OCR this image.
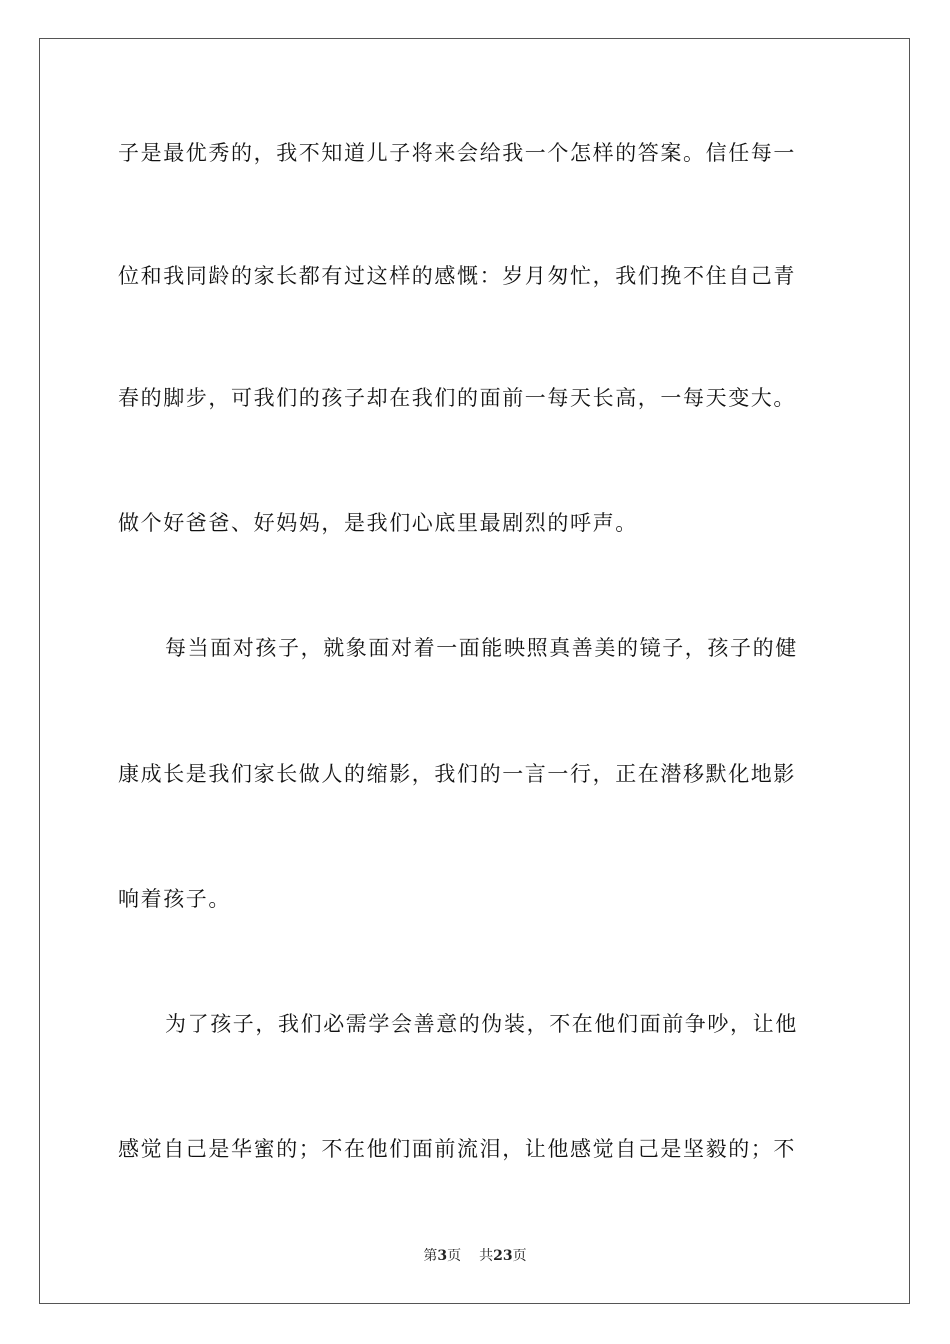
子是最优秀的，我不知道儿子将来会给我一个怎样的答案。信任每一
位和我同龄的家长都有过这样的感慨：岁月匆忙，我们挽不住自己青
春的脚步，可我们的孩子却在我们的面前一每天长高，一每天变大。
做个好爸爸、好妈妈，是我们心底里最剧烈的呼声。
每当面对孩子，就象面对着一面能映照真善美的镜子，孩子的健
康成长是我们家长做人的缩影，我们的一言一行，正在潜移默化地影
响着孩子。
为了孩子，我们必需学会善意的伪装，不在他们面前争吵，让他
感觉自己是华蜜的；不在他们面前流泪，让他感觉自己是坚毅的；不
第3页 共23页
